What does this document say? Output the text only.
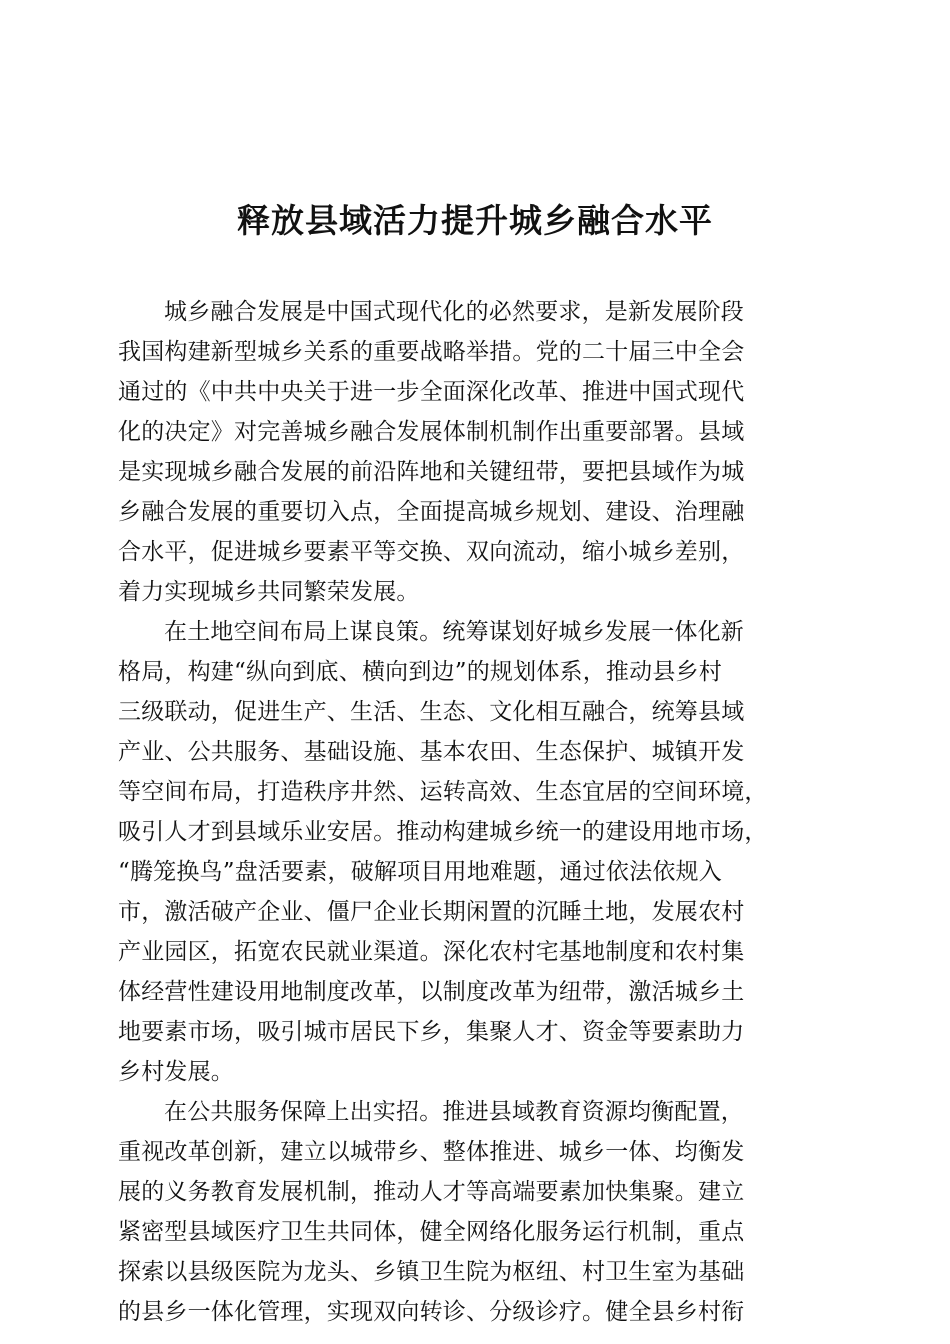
释放县域活力提升城乡融合水平
城乡融合发展是中国式现代化的必然要求，是新发展阶段
我国构建新型城乡关系的重要战略举措。党的二十届三中全会
通过的《中共中央关于进一步全面深化改革、推进中国式现代
化的决定》对完善城乡融合发展体制机制作出重要部署。县域
是实现城乡融合发展的前沿阵地和关键纽带，要把县域作为城
乡融合发展的重要切入点，全面提高城乡规划、建设、治理融
合水平，促进城乡要素平等交换、双向流动，缩小城乡差别，
着力实现城乡共同繁荣发展。
在土地空间布局上谋良策。统筹谋划好城乡发展一体化新
格局，构建“纵向到底、横向到边”的规划体系，推动县乡村
三级联动，促进生产、生活、生态、文化相互融合，统筹县域
产业、公共服务、基础设施、基本农田、生态保护、城镇开发
等空间布局，打造秩序井然、运转高效、生态宜居的空间环境，
吸引人才到县域乐业安居。推动构建城乡统一的建设用地市场，
“腾笼换鸟”盘活要素，破解项目用地难题，通过依法依规入
市，激活破产企业、僵尸企业长期闲置的沉睡土地，发展农村
产业园区，拓宽农民就业渠道。深化农村宅基地制度和农村集
体经营性建设用地制度改革，以制度改革为纽带，激活城乡土
地要素市场，吸引城市居民下乡，集聚人才、资金等要素助力
乡村发展。
在公共服务保障上出实招。推进县域教育资源均衡配置，
重视改革创新，建立以城带乡、整体推进、城乡一体、均衡发
展的义务教育发展机制，推动人才等高端要素加快集聚。建立
紧密型县域医疗卫生共同体，健全网络化服务运行机制，重点
探索以县级医院为龙头、乡镇卫生院为枢纽、村卫生室为基础
的县乡一体化管理，实现双向转诊、分级诊疗。健全县乡村衔
